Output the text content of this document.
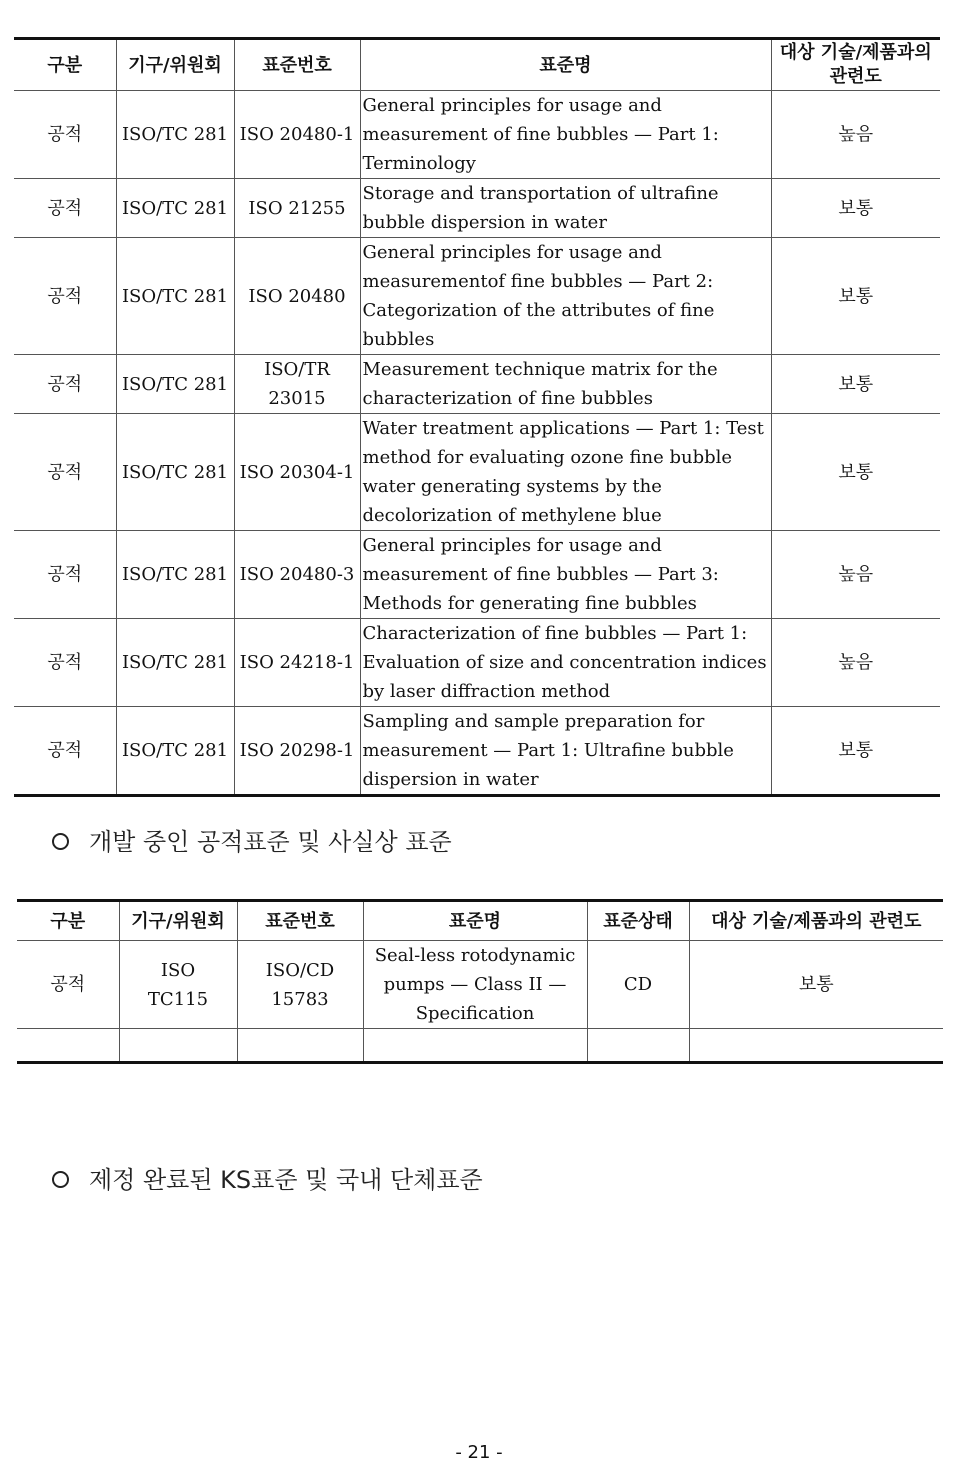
구분	기구/위원회	표준번호	표준명	대상 기술/제품과의 관련도
공적	ISO/TC 281	ISO 20480-1	General principles for usage and measurement of fine bubbles — Part 1: Terminology	높음
공적	ISO/TC 281	ISO 21255	Storage and transportation of ultrafine bubble dispersion in water	보통
공적	ISO/TC 281	ISO 20480	General principles for usage and measurementof fine bubbles — Part 2: Categorization of the attributes of fine bubbles	보통
공적	ISO/TC 281	ISO/TR 23015	Measurement technique matrix for the characterization of fine bubbles	보통
공적	ISO/TC 281	ISO 20304-1	Water treatment applications — Part 1: Test method for evaluating ozone fine bubble water generating systems by the decolorization of methylene blue	보통
공적	ISO/TC 281	ISO 20480-3	General principles for usage and measurement of fine bubbles — Part 3: Methods for generating fine bubbles	높음
공적	ISO/TC 281	ISO 24218-1	Characterization of fine bubbles — Part 1: Evaluation of size and concentration indices by laser diffraction method	높음
공적	ISO/TC 281	ISO 20298-1	Sampling and sample preparation for measurement — Part 1: Ultrafine bubble dispersion in water	보통
개발 중인 공적표준 및 사실상 표준
구분	기구/위원회	표준번호	표준명	표준상태	대상 기술/제품과의 관련도
공적	ISO TC115	ISO/CD 15783	Seal-less rotodynamic pumps — Class II — Specification	CD	보통

제정 완료된 KS표준 및 국내 단체표준
- 21 -
